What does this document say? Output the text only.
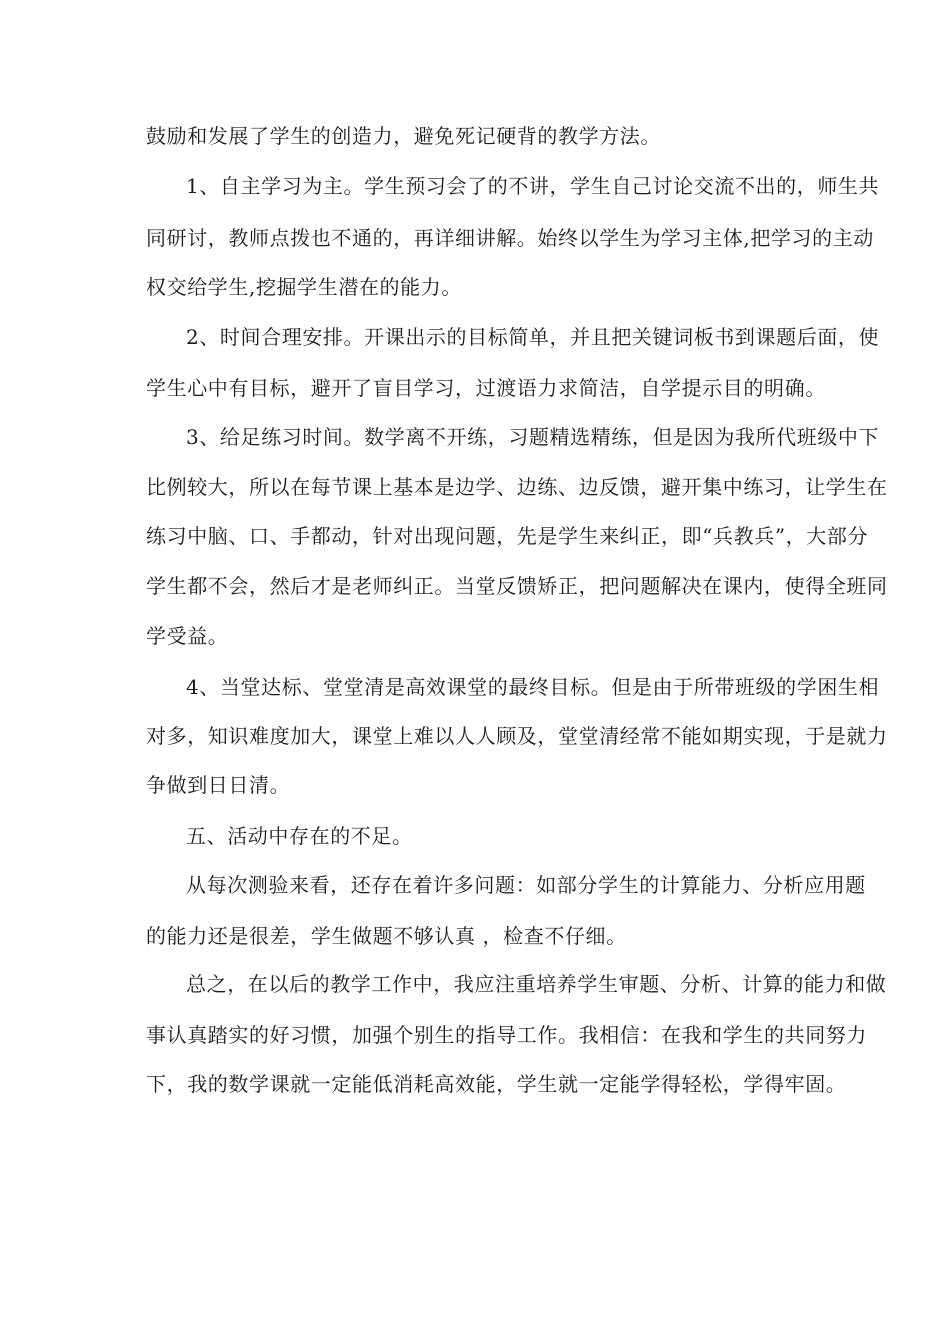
鼓励和发展了学生的创造力，避免死记硬背的教学方法。
1、自主学习为主。学生预习会了的不讲，学生自己讨论交流不出的，师生共
同研讨，教师点拨也不通的，再详细讲解。始终以学生为学习主体,把学习的主动
权交给学生,挖掘学生潜在的能力。
2、时间合理安排。开课出示的目标简单，并且把关键词板书到课题后面，使
学生心中有目标，避开了盲目学习，过渡语力求简洁，自学提示目的明确。
3、给足练习时间。数学离不开练，习题精选精练，但是因为我所代班级中下
比例较大，所以在每节课上基本是边学、边练、边反馈，避开集中练习，让学生在
练习中脑、口、手都动，针对出现问题，先是学生来纠正，即“兵教兵”，大部分
学生都不会，然后才是老师纠正。当堂反馈矫正，把问题解决在课内，使得全班同
学受益。
4、当堂达标、堂堂清是高效课堂的最终目标。但是由于所带班级的学困生相
对多，知识难度加大，课堂上难以人人顾及，堂堂清经常不能如期实现，于是就力
争做到日日清。
五、活动中存在的不足。
从每次测验来看，还存在着许多问题：如部分学生的计算能力、分析应用题
的能力还是很差，学生做题不够认真 ，检查不仔细。
总之，在以后的教学工作中，我应注重培养学生审题、分析、计算的能力和做
事认真踏实的好习惯，加强个别生的指导工作。我相信：在我和学生的共同努力
下，我的数学课就一定能低消耗高效能，学生就一定能学得轻松，学得牢固。
